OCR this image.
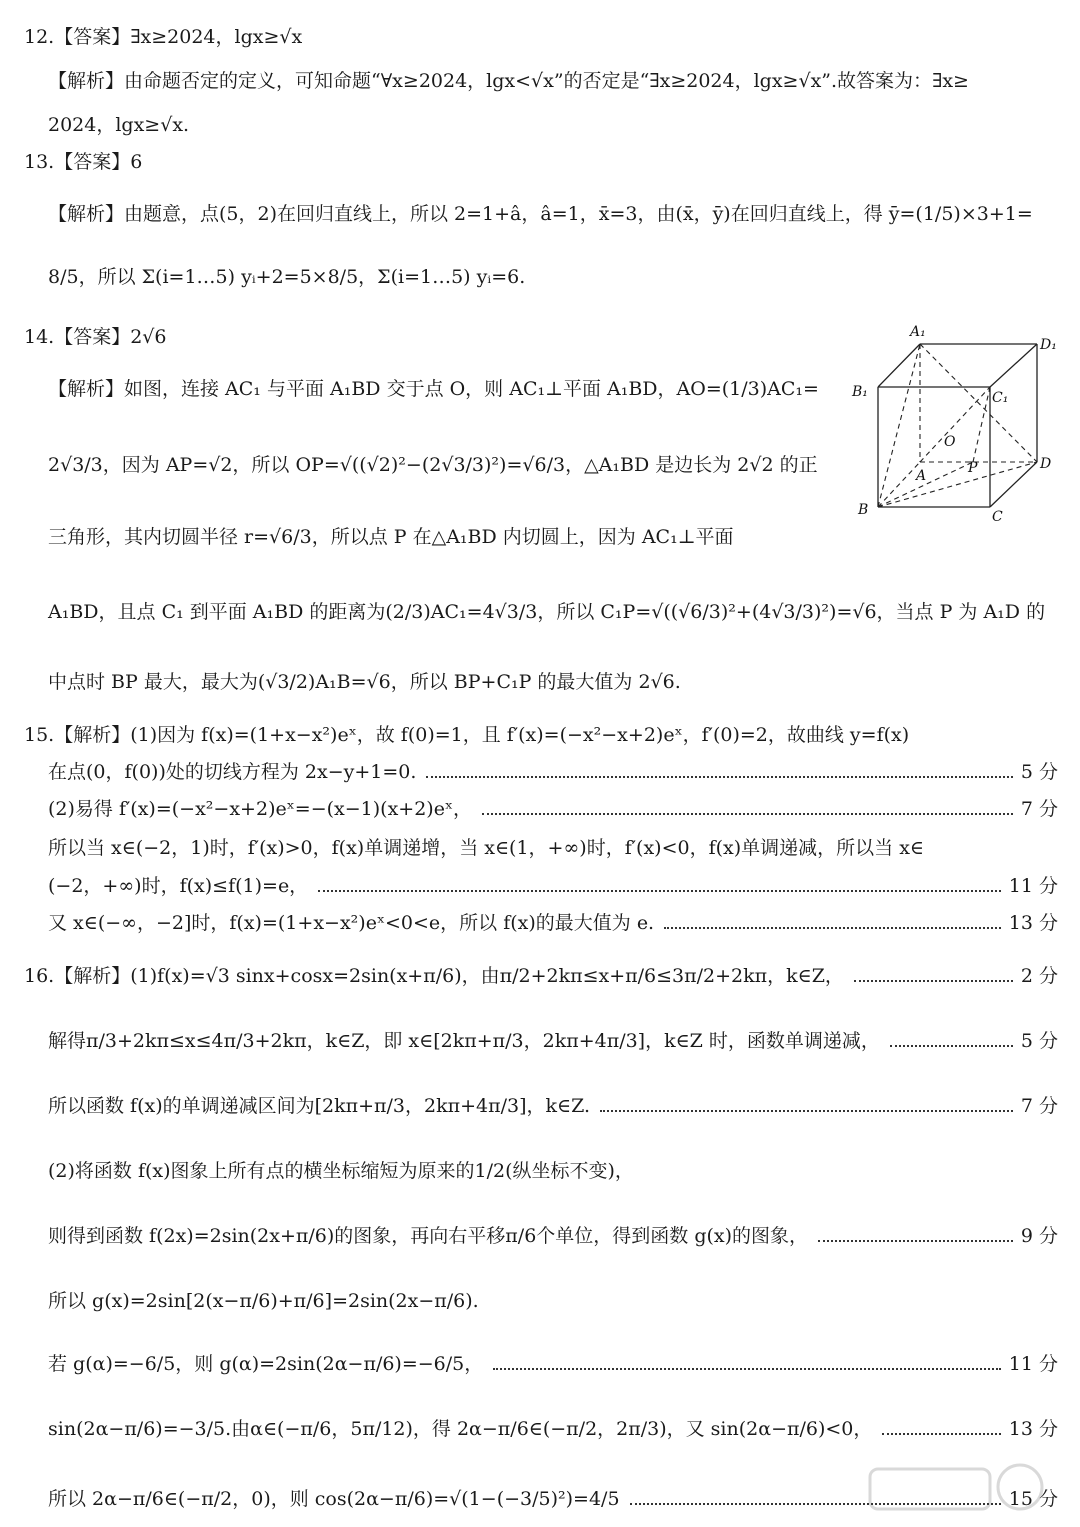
12.【答案】∃x≥2024，lgx≥√x
【解析】由命题否定的定义，可知命题“∀x≥2024，lgx<√x”的否定是“∃x≥2024，lgx≥√x”.故答案为：∃x≥
2024，lgx≥√x.
13.【答案】6
【解析】由题意，点(5，2)在回归直线上，所以 2=1+â，â=1，x̄=3，由(x̄，ȳ)在回归直线上，得 ȳ=(1/5)×3+1=
8/5，所以 Σ(i=1…5) yᵢ+2=5×8/5，Σ(i=1…5) yᵢ=6.
14.【答案】2√6
【解析】如图，连接 AC₁ 与平面 A₁BD 交于点 O，则 AC₁⊥平面 A₁BD，AO=(1/3)AC₁=
2√3/3，因为 AP=√2，所以 OP=√((√2)²−(2√3/3)²)=√6/3，△A₁BD 是边长为 2√2 的正
三角形，其内切圆半径 r=√6/3，所以点 P 在△A₁BD 内切圆上，因为 AC₁⊥平面
A₁BD，且点 C₁ 到平面 A₁BD 的距离为(2/3)AC₁=4√3/3，所以 C₁P=√((√6/3)²+(4√3/3)²)=√6，当点 P 为 A₁D 的
中点时 BP 最大，最大为(√3/2)A₁B=√6，所以 BP+C₁P 的最大值为 2√6.
A₁
D₁
B₁	C₁
O
A	P	D
B	C
15.【解析】(1)因为 f(x)=(1+x−x²)eˣ，故 f(0)=1，且 f′(x)=(−x²−x+2)eˣ，f′(0)=2，故曲线 y=f(x)
在点(0，f(0))处的切线方程为 2x−y+1=0.	5 分
(2)易得 f′(x)=(−x²−x+2)eˣ=−(x−1)(x+2)eˣ，	7 分
所以当 x∈(−2，1)时，f′(x)>0，f(x)单调递增，当 x∈(1，+∞)时，f′(x)<0，f(x)单调递减，所以当 x∈
(−2，+∞)时，f(x)≤f(1)=e，	11 分
又 x∈(−∞，−2]时，f(x)=(1+x−x²)eˣ<0<e，所以 f(x)的最大值为 e.	13 分
16.【解析】(1)f(x)=√3 sinx+cosx=2sin(x+π/6)，由π/2+2kπ≤x+π/6≤3π/2+2kπ，k∈Z，	2 分
解得π/3+2kπ≤x≤4π/3+2kπ，k∈Z，即 x∈[2kπ+π/3，2kπ+4π/3]，k∈Z 时，函数单调递减，	5 分
所以函数 f(x)的单调递减区间为[2kπ+π/3，2kπ+4π/3]，k∈Z.	7 分
(2)将函数 f(x)图象上所有点的横坐标缩短为原来的1/2(纵坐标不变)，
则得到函数 f(2x)=2sin(2x+π/6)的图象，再向右平移π/6个单位，得到函数 g(x)的图象，	9 分
所以 g(x)=2sin[2(x−π/6)+π/6]=2sin(2x−π/6).
若 g(α)=−6/5，则 g(α)=2sin(2α−π/6)=−6/5，	11 分
sin(2α−π/6)=−3/5.由α∈(−π/6，5π/12)，得 2α−π/6∈(−π/2，2π/3)，又 sin(2α−π/6)<0，	13 分
所以 2α−π/6∈(−π/2，0)，则 cos(2α−π/6)=√(1−(−3/5)²)=4/5	15 分
